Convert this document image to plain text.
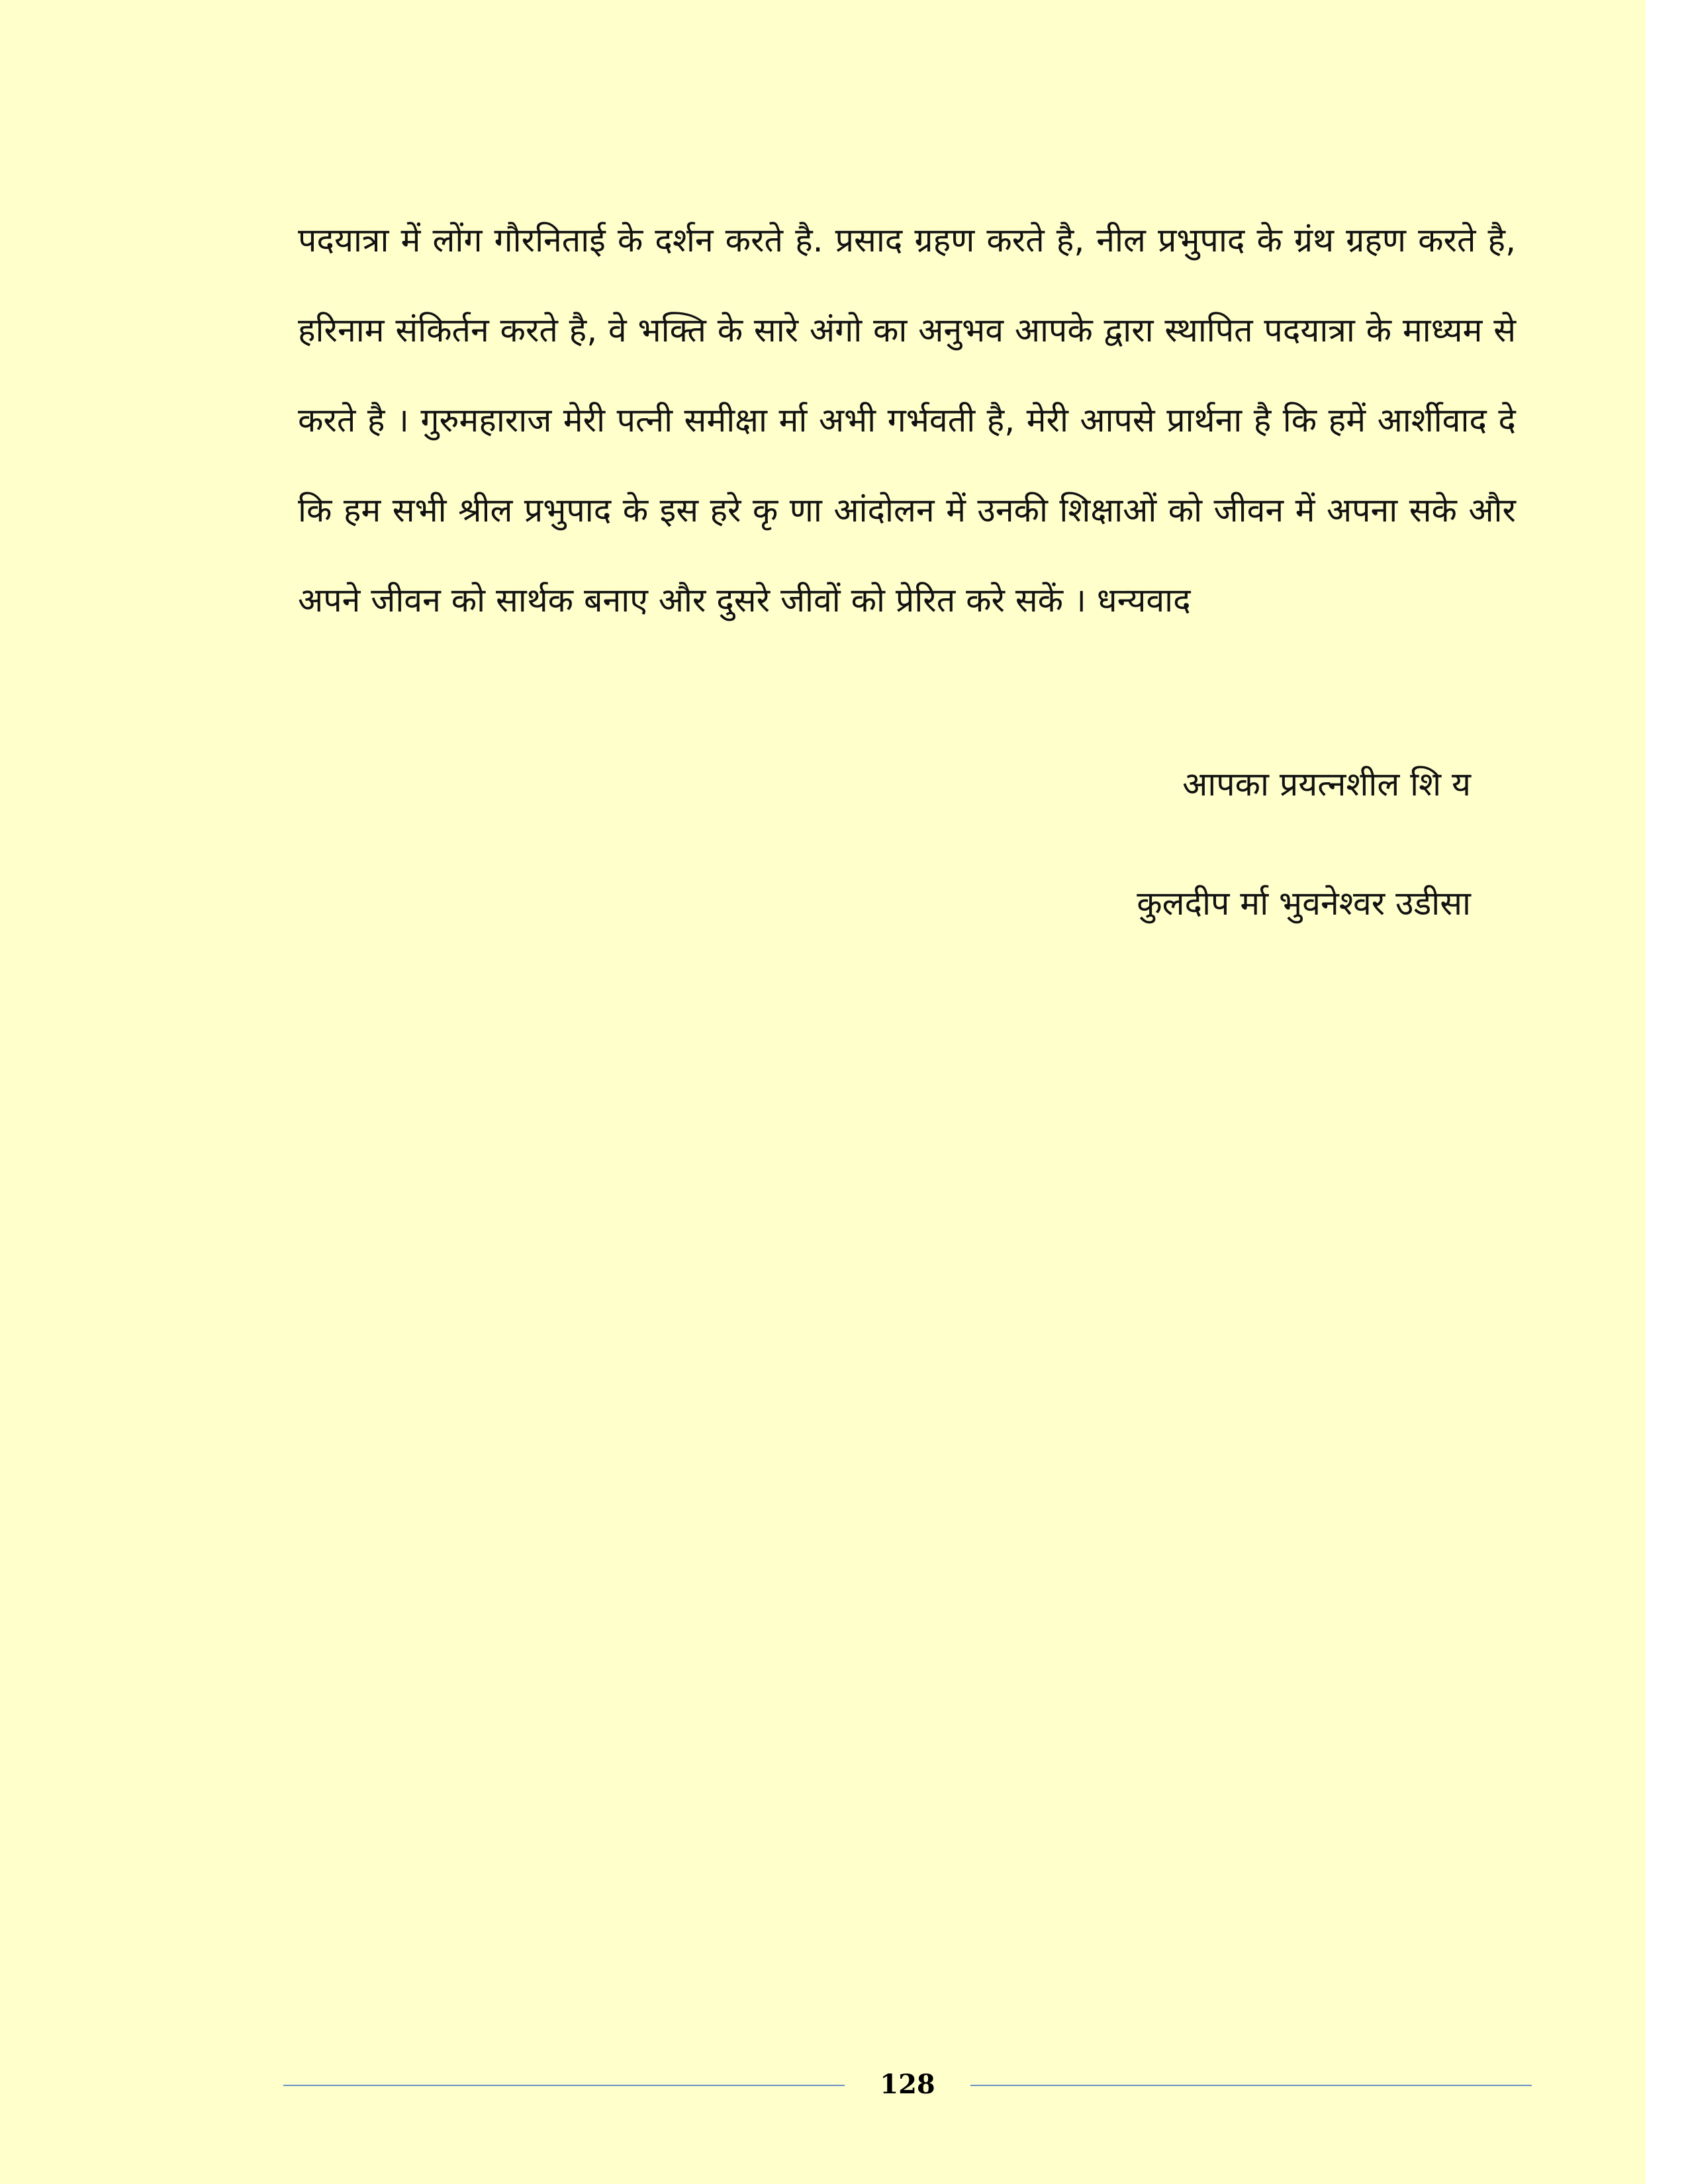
पदयात्रा में लोंग गौरनिताई के दर्शन करते है. प्रसाद ग्रहण करते है, नील प्रभुपाद के ग्रंथ ग्रहण करते है, हरिनाम संकिर्तन करते है, वे भक्ति के सारे अंगो का अनुभव आपके द्वारा स्थापित पदयात्रा के माध्यम से करते है । गुरुमहाराज मेरी पत्नी समीक्षा र्मा अभी गर्भवती है, मेरी आपसे प्रार्थना है कि हमें आर्शीवाद दे कि हम सभी श्रील प्रभुपाद के इस हरे कृ णा आंदोलन में उनकी शिक्षाओं को जीवन में अपना सके और अपने जीवन को सार्थक बनाए और दुसरे जीवों को प्रेरित करे सकें । धन्यवाद

आपका प्रयत्नशील शि य

कुलदीप र्मा भुवनेश्वर उडीसा

128
